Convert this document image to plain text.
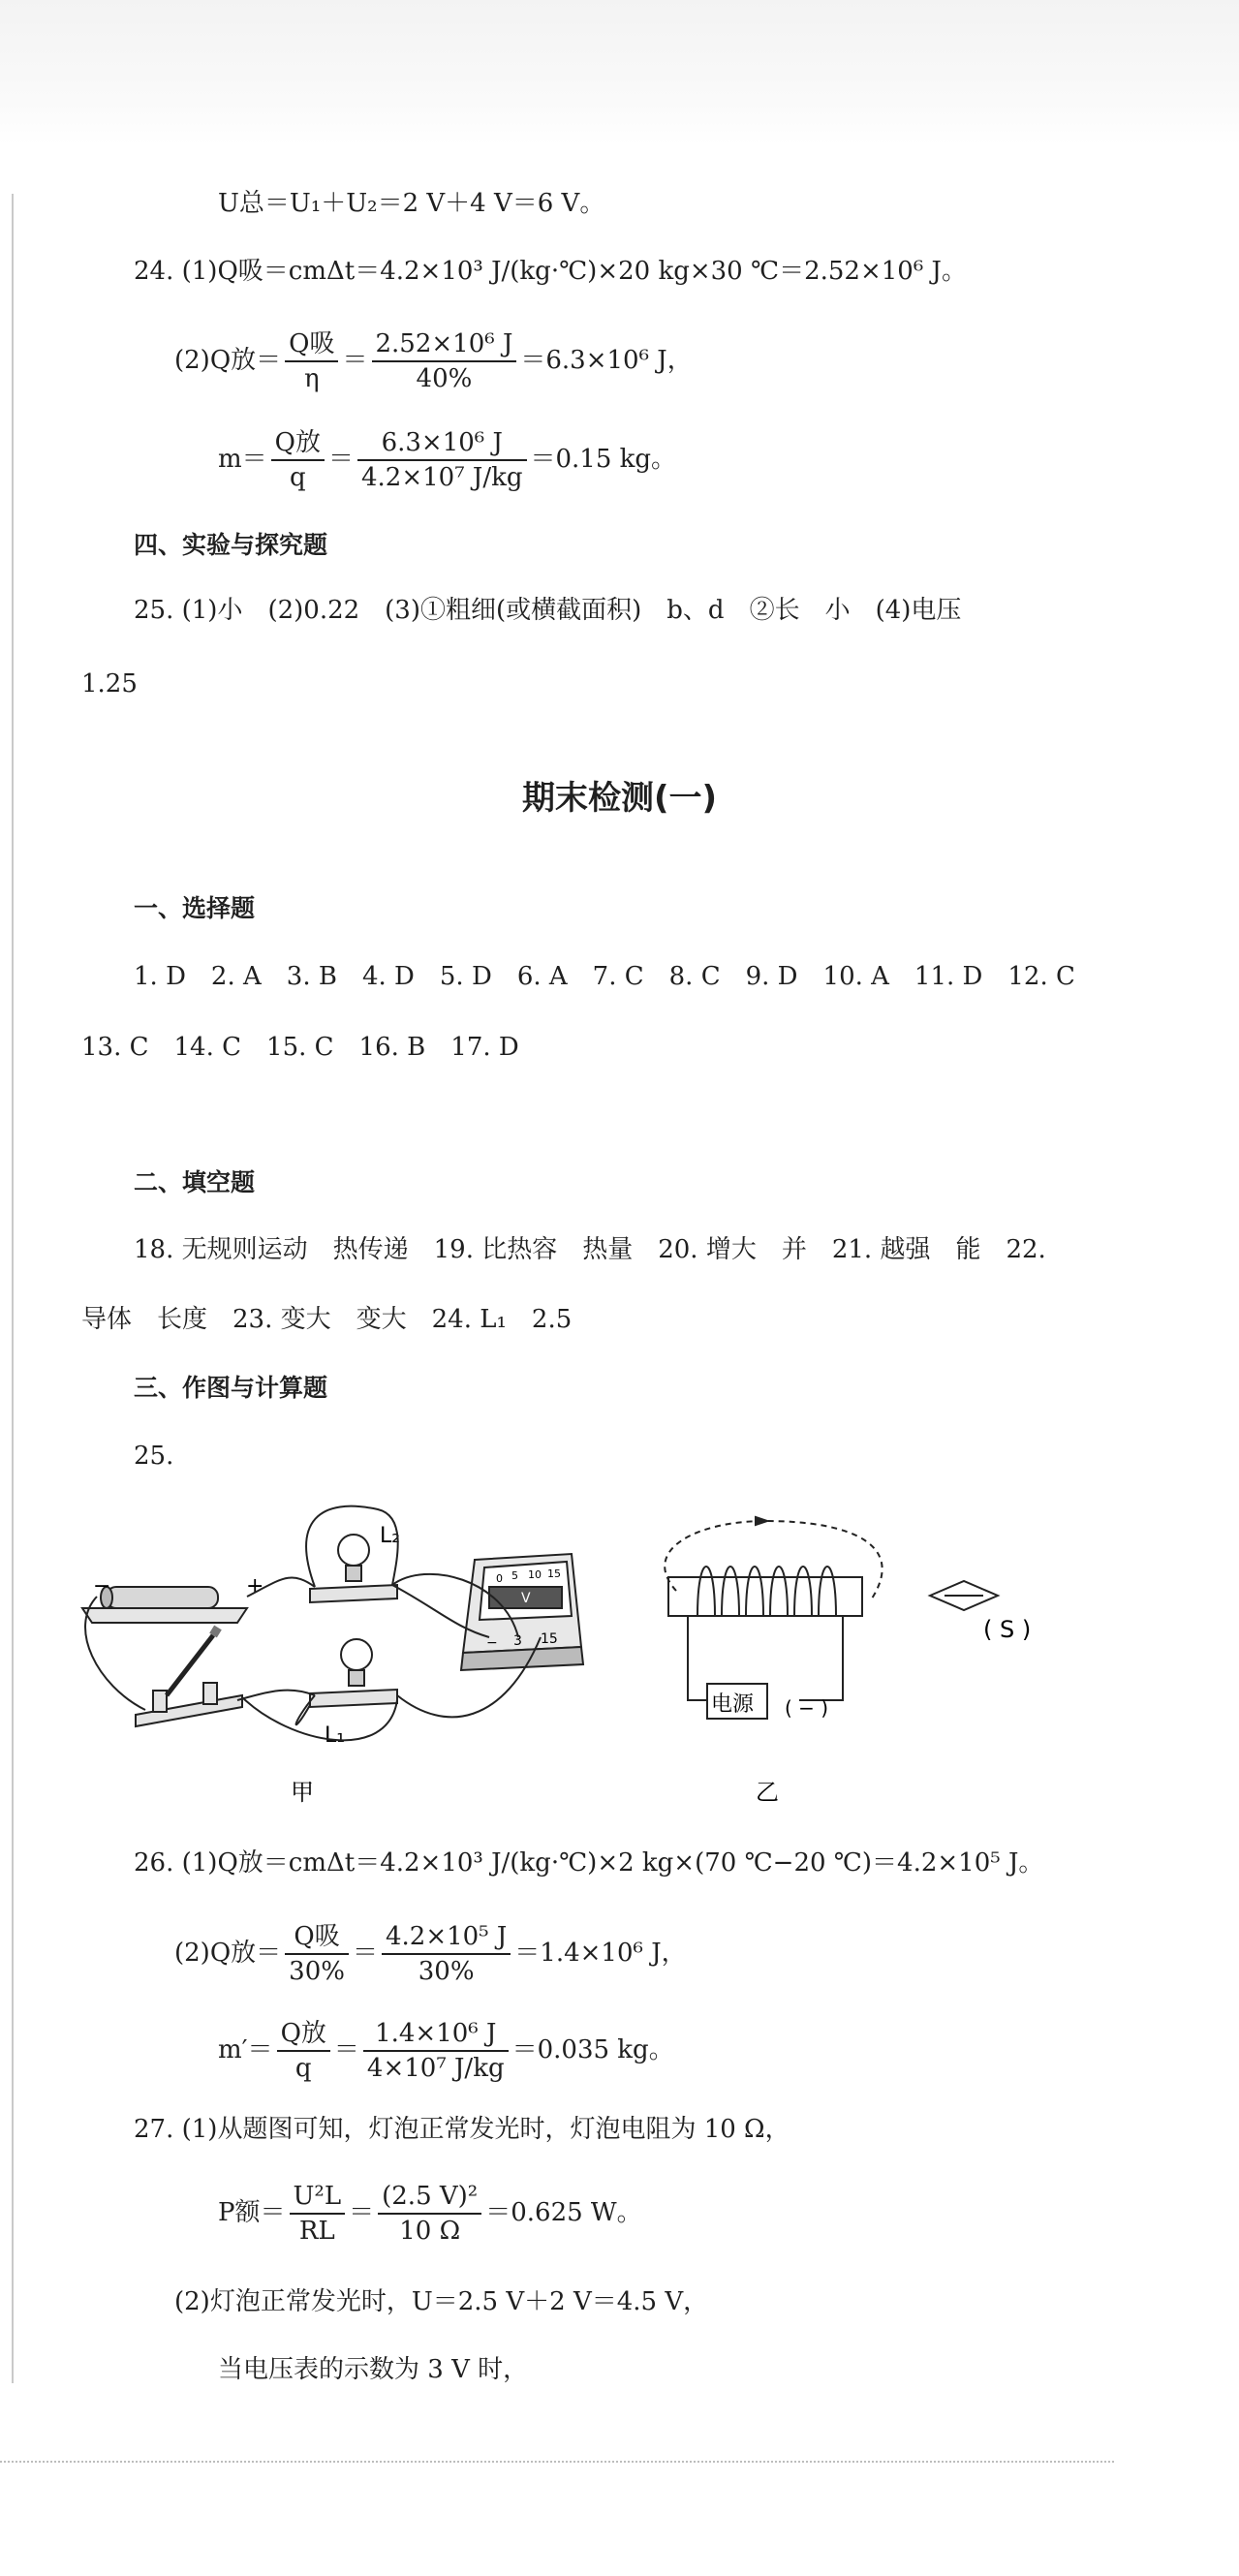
U总＝U₁＋U₂＝2 V＋4 V＝6 V。
24. (1)Q吸＝cmΔt＝4.2×10³ J/(kg·℃)×20 kg×30 ℃＝2.52×10⁶ J。
(2)Q放＝ $\frac{\text{Q吸}}{\eta} = \frac{\text{2.52×10⁶ J}}{40\%} =6.3\times 10^6$ J，
$m= \frac{\text{Q放}}{q} = \frac{\text{6.3×10⁶ J}}{\text{4.2×10⁷ J/kg}} =0.15$ kg。
四、实验与探究题
25. (1)小　(2)0.22　(3)①粗细(或横截面积)　b、d　②长　小　(4)电压
1.25
期末检测(一)
一、选择题
1. D 2. A 3. B 4. D 5. D 6. A 7. C 8. C 9. D 10. A 11. D 12. C
13. C 14. C 15. C 16. B 17. D
二、填空题
18. 无规则运动　热传递　19. 比热容　热量　20. 增大　并　21. 越强　能　22.
导体　长度　23. 变大　变大　24. L₁　2.5
三、作图与计算题
25.
−	+
L₂
L₁
0 5 10 15
V
− 3 15
甲
电源 ( − )
乙
( S )
26. (1)Q放＝cmΔt＝4.2×10³ J/(kg·℃)×2 kg×(70 ℃−20 ℃)＝4.2×10⁵ J。
(2)Q放＝ $\frac{\text{Q吸}}{30\%} = \frac{\text{4.2×10⁵ J}}{30\%} =1.4\times 10^6$ J，
$m'= \frac{\text{Q放}}{q} = \frac{\text{1.4×10⁶ J}}{\text{4×10⁷ J/kg}} =0.035$ kg。
27. (1)从题图可知，灯泡正常发光时，灯泡电阻为 10 Ω，
P额＝ $\frac{\text{U²L}}{RL} = \frac{\text{(2.5 V)²}}{10 \Omega} =0.625$ W。
(2)灯泡正常发光时，U＝2.5 V＋2 V＝4.5 V，
当电压表的示数为 3 V 时，
